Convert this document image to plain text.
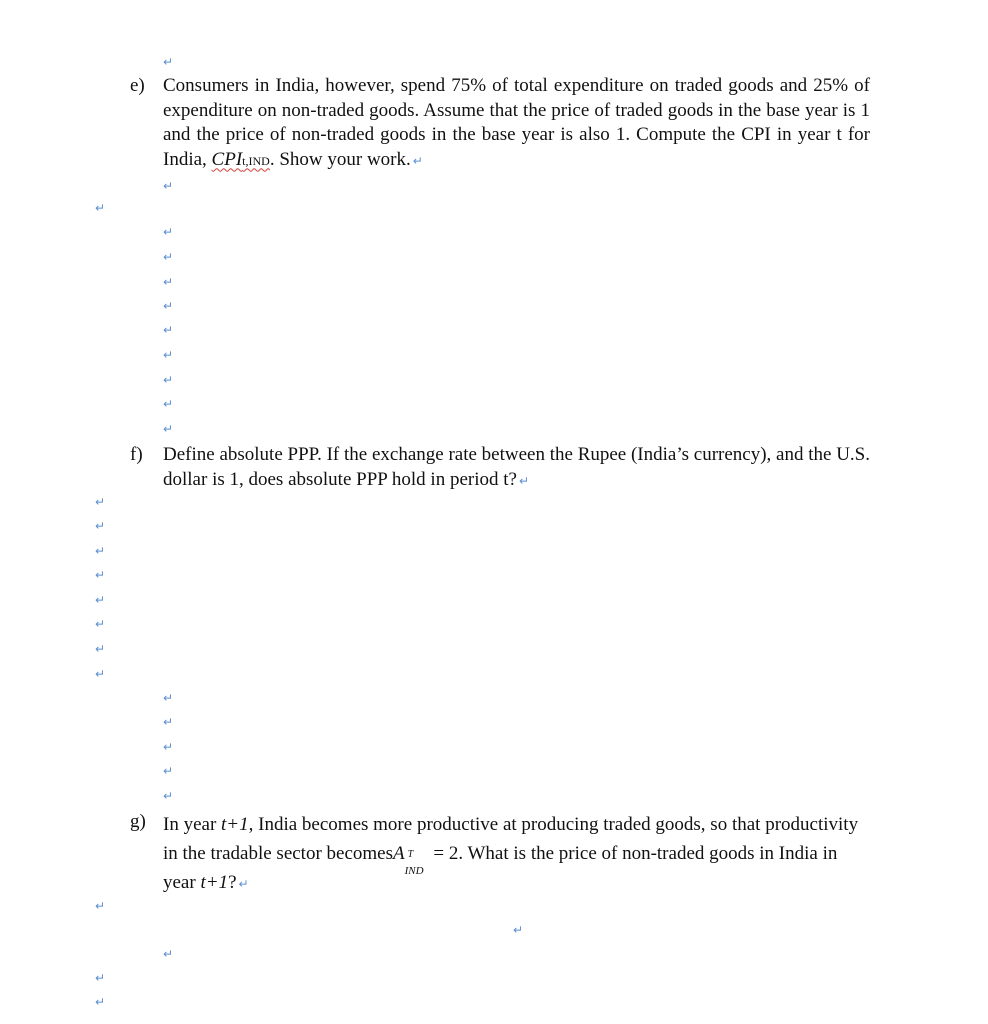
↵
↵
↵
↵
↵
↵
↵
↵
↵
↵
↵
↵
↵
↵
↵
↵
↵
↵
↵
↵
↵
↵
↵
↵
↵
↵
↵
↵
↵
↵
e) Consumers in India, however, spend 75% of total expenditure on traded goods and 25% of expenditure on non-traded goods. Assume that the price of traded goods in the base year is 1 and the price of non-traded goods in the base year is also 1. Compute the CPI in year t for India, CPIt,IND. Show your work. ↵
f) Define absolute PPP. If the exchange rate between the Rupee (India’s currency), and the U.S. dollar is 1, does absolute PPP hold in period t? ↵
g) In year t+1, India becomes more productive at producing traded goods, so that productivity in the tradable sector becomesA T
IND
= 2. What is the price of non-traded goods in India in year t+1? ↵
